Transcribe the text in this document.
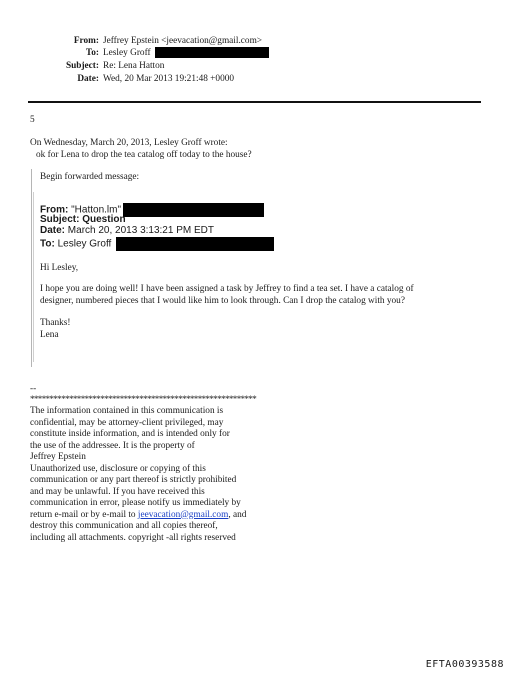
From: Jeffrey Epstein <jeevacation@gmail.com>
To: Lesley Groff
Subject: Re: Lena Hatton
Date: Wed, 20 Mar 2013 19:21:48 +0000
5
On Wednesday, March 20, 2013, Lesley Groff wrote:
ok for Lena to drop the tea catalog off today to the house?
Begin forwarded message:
From: "Hatton.lm"
Subject: Question
Date: March 20, 2013 3:13:21 PM EDT
To: Lesley Groff
Hi Lesley,
I hope you are doing well! I have been assigned a task by Jeffrey to find a tea set. I have a catalog of
designer, numbered pieces that I would like him to look through. Can I drop the catalog with you?
Thanks!
Lena
--
**********************************************************

The information contained in this communication is

confidential, may be attorney-client privileged, may

constitute inside information, and is intended only for

the use of the addressee. It is the property of

Jeffrey Epstein

Unauthorized use, disclosure or copying of this

communication or any part thereof is strictly prohibited

and may be unlawful. If you have received this

communication in error, please notify us immediately by

return e-mail or by e-mail to jeevacation@gmail.com, and

destroy this communication and all copies thereof,

including all attachments. copyright -all rights reserved

EFTA00393588
